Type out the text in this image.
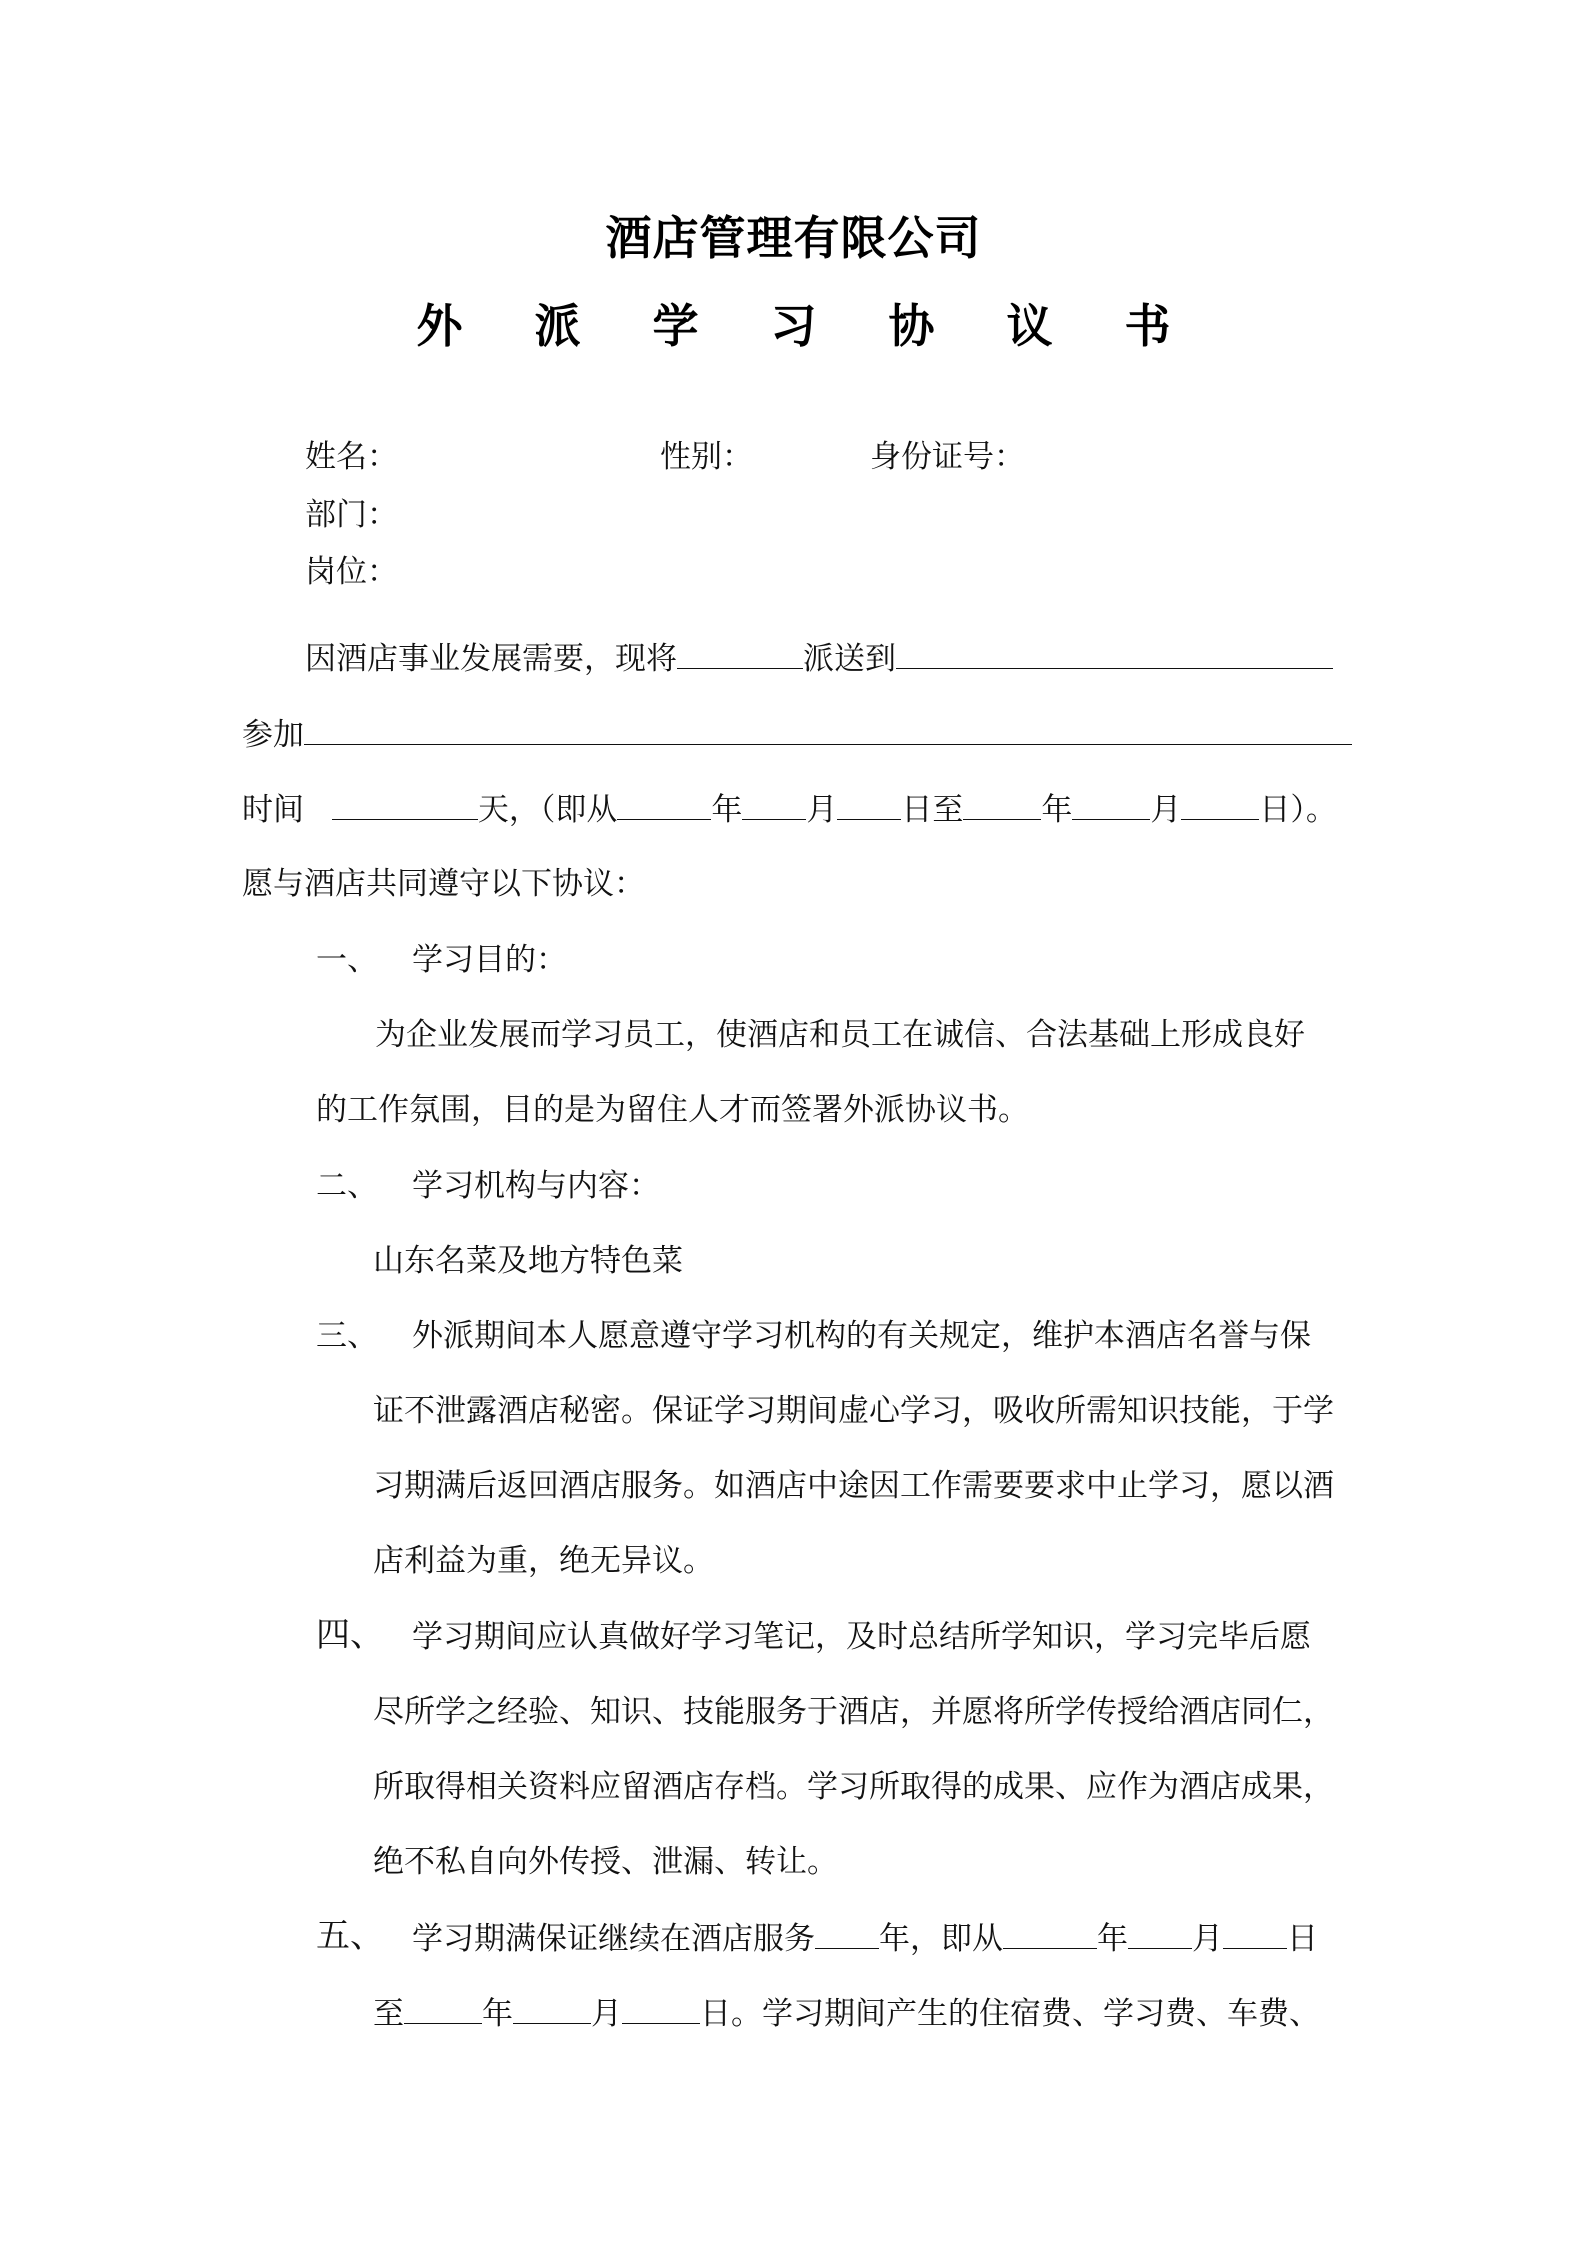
酒店管理有限公司
外 派 学 习 协 议 书
姓名：	性别：	身份证号：
部门：
岗位：
因酒店事业发展需要，现将	派送到
参加
时间	天，（即从	年 月 日至	年	月	日）。
愿与酒店共同遵守以下协议：
一、 学习目的：
为企业发展而学习员工，使酒店和员工在诚信、合法基础上形成良好
的工作氛围，目的是为留住人才而签署外派协议书。
二、 学习机构与内容：
山东名菜及地方特色菜
三、 外派期间本人愿意遵守学习机构的有关规定，维护本酒店名誉与保
证不泄露酒店秘密。保证学习期间虚心学习，吸收所需知识技能，于学
习期满后返回酒店服务。如酒店中途因工作需要要求中止学习，愿以酒
店利益为重，绝无异议。
四、 学习期间应认真做好学习笔记，及时总结所学知识，学习完毕后愿
尽所学之经验、知识、技能服务于酒店，并愿将所学传授给酒店同仁，
所取得相关资料应留酒店存档。学习所取得的成果、应作为酒店成果，
绝不私自向外传授、泄漏、转让。
五、 学习期满保证继续在酒店服务 年，即从	年 月 日
至	年	月	日。学习期间产生的住宿费、学习费、车费、
